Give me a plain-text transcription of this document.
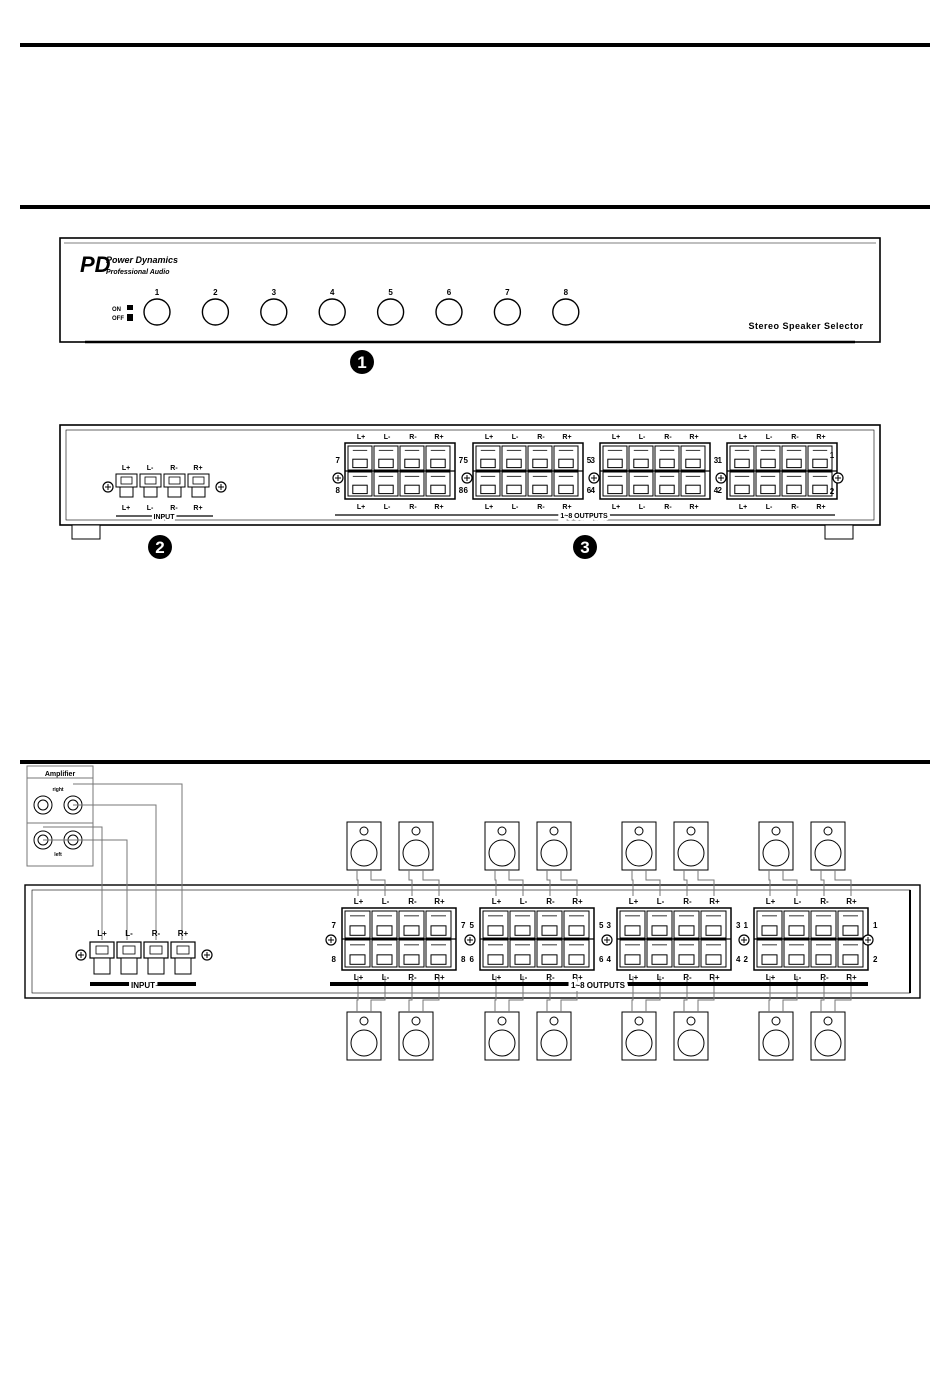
PD
Power Dynamics
Professional Audio
ON
OFF
1	2	3	4	5	6	7	8
Stereo Speaker Selector
1
L+
L+
L-
L-
R-
R-
R+
R+
INPUT
L+	L-	R-	R+
L+	L-	R-	R+
7
8
L+	L-	R-	R+
L+	L-	R-	R+
5
6
L+	L-	R-	R+
L+	L-	R-	R+
3
4
L+	L-	R-	R+
L+	L-	R-	R+
1
2
7
8
5
6
3
4
1
2
1~8 OUTPUTS
2	3
Amplifier
right
left
L+ L- R- R+
INPUT
L+ L- R- R+
L+ L- R- R+
7
8
7
8
L+ L- R- R+
L+ L- R- R+
5
6
5
6
L+ L- R- R+
L+ L- R- R+
3
4
3
4
L+ L- R- R+
L+ L- R- R+
1
2
1
2
1~8 OUTPUTS
